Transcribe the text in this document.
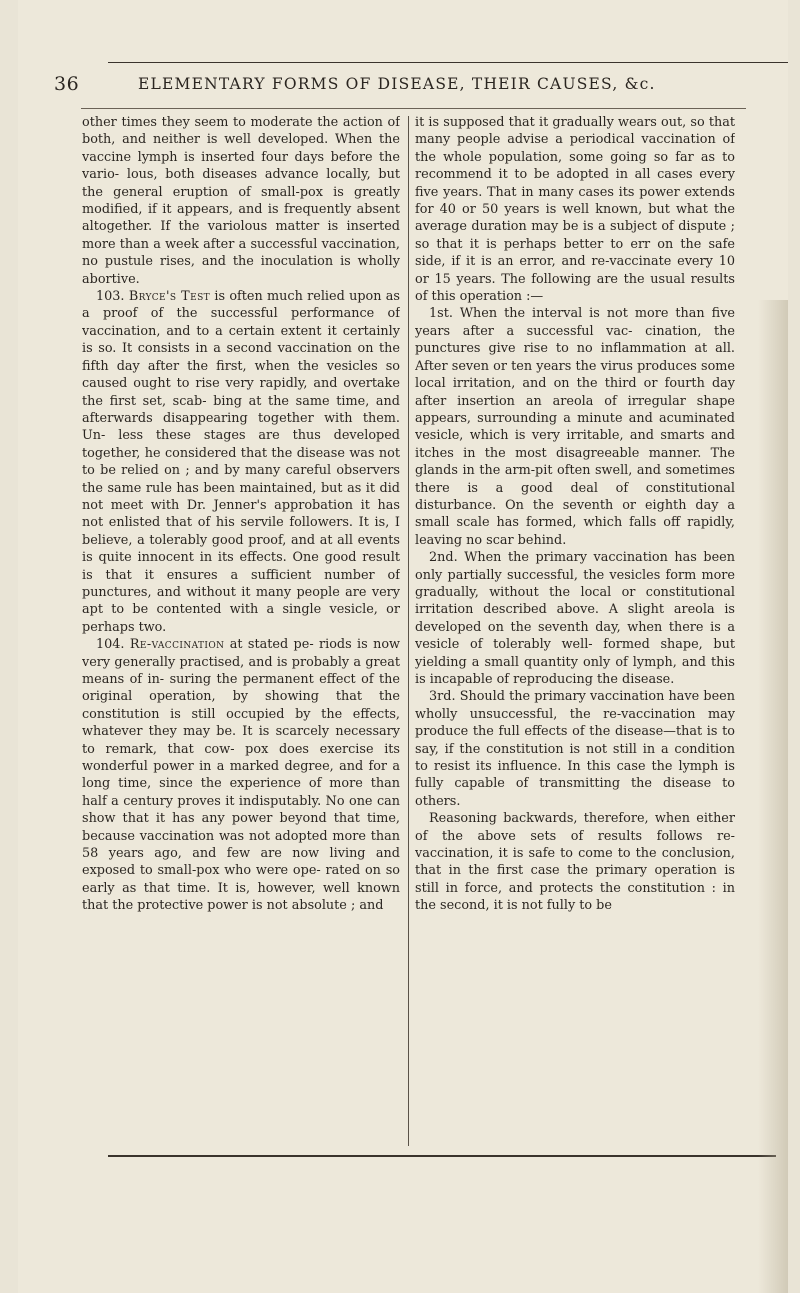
36	ELEMENTARY FORMS OF DISEASE, THEIR CAUSES, &c.

other times they seem to moderate the action of both, and neither is well developed. When the vaccine lymph is inserted four days before the vario- lous, both diseases advance locally, but the general eruption of small-pox is greatly modified, if it appears, and is frequently absent altogether. If the variolous matter is inserted more than a week after a successful vaccination, no pustule rises, and the inoculation is wholly abortive.

103. Bryce's Test is often much relied upon as a proof of the successful performance of vaccination, and to a certain extent it certainly is so. It consists in a second vaccination on the fifth day after the first, when the vesicles so caused ought to rise very rapidly, and overtake the first set, scab- bing at the same time, and afterwards disappearing together with them. Un- less these stages are thus developed together, he considered that the disease was not to be relied on ; and by many careful observers the same rule has been maintained, but as it did not meet with Dr. Jenner's approbation it has not enlisted that of his servile followers. It is, I believe, a tolerably good proof, and at all events is quite innocent in its effects. One good result is that it ensures a sufficient number of punctures, and without it many people are very apt to be contented with a single vesicle, or perhaps two.

104. Re-vaccination at stated pe- riods is now very generally practised, and is probably a great means of in- suring the permanent effect of the original operation, by showing that the constitution is still occupied by the effects, whatever they may be. It is scarcely necessary to remark, that cow- pox does exercise its wonderful power in a marked degree, and for a long time, since the experience of more than half a century proves it indisputably. No one can show that it has any power beyond that time, because vaccination was not adopted more than 58 years ago, and few are now living and exposed to small-pox who were ope- rated on so early as that time. It is, however, well known that the protective power is not absolute ; and

it is supposed that it gradually wears out, so that many people advise a periodical vaccination of the whole population, some going so far as to recommend it to be adopted in all cases every five years. That in many cases its power extends for 40 or 50 years is well known, but what the average duration may be is a subject of dispute ; so that it is perhaps better to err on the safe side, if it is an error, and re-vaccinate every 10 or 15 years. The following are the usual results of this operation :—

1st. When the interval is not more than five years after a successful vac- cination, the punctures give rise to no inflammation at all. After seven or ten years the virus produces some local irritation, and on the third or fourth day after insertion an areola of irregular shape appears, surrounding a minute and acuminated vesicle, which is very irritable, and smarts and itches in the most disagreeable manner. The glands in the arm-pit often swell, and sometimes there is a good deal of constitutional disturbance. On the seventh or eighth day a small scale has formed, which falls off rapidly, leaving no scar behind.

2nd. When the primary vaccination has been only partially successful, the vesicles form more gradually, without the local or constitutional irritation described above. A slight areola is developed on the seventh day, when there is a vesicle of tolerably well- formed shape, but yielding a small quantity only of lymph, and this is incapable of reproducing the disease.

3rd. Should the primary vaccination have been wholly unsuccessful, the re-vaccination may produce the full effects of the disease—that is to say, if the constitution is not still in a condition to resist its influence. In this case the lymph is fully capable of transmitting the disease to others.

Reasoning backwards, therefore, when either of the above sets of results follows re-vaccination, it is safe to come to the conclusion, that in the first case the primary operation is still in force, and protects the constitution : in the second, it is not fully to be
